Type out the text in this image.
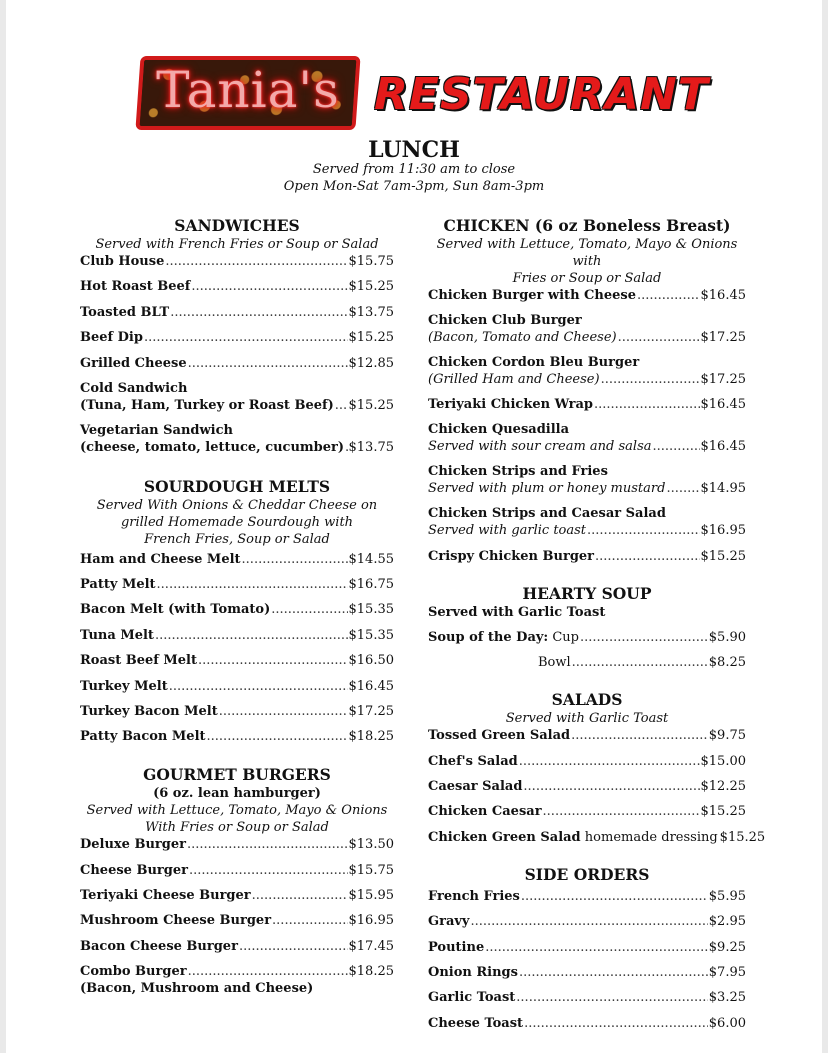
Tania's RESTAURANT
LUNCH
Served from 11:30 am to close
Open Mon-Sat 7am-3pm, Sun 8am-3pm
SANDWICHES
Served with French Fries or Soup or Salad
Club House .....	$15.75
Hot Roast Beef .....	$15.25
Toasted BLT .....	$13.75
Beef Dip .....	$15.25
Grilled Cheese .....	$12.85
Cold Sandwich
(Tuna, Ham, Turkey or Roast Beef) ..... $15.25
Vegetarian Sandwich
(cheese, tomato, lettuce, cucumber) ..... $13.75
SOURDOUGH MELTS
Served With Onions & Cheddar Cheese on
grilled Homemade Sourdough with
French Fries, Soup or Salad
Ham and Cheese Melt .....	$14.55
Patty Melt .....	$16.75
Bacon Melt (with Tomato) .....	$15.35
Tuna Melt .....	$15.35
Roast Beef Melt .....	$16.50
Turkey Melt .....	$16.45
Turkey Bacon Melt .....	$17.25
Patty Bacon Melt .....	$18.25
GOURMET BURGERS
(6 oz. lean hamburger)
Served with Lettuce, Tomato, Mayo & Onions
With Fries or Soup or Salad
Deluxe Burger .....	$13.50
Cheese Burger .....	$15.75
Teriyaki Cheese Burger .....	$15.95
Mushroom Cheese Burger .....	$16.95
Bacon Cheese Burger .....	$17.45
Combo Burger .....	$18.25
(Bacon, Mushroom and Cheese)
CHICKEN (6 oz Boneless Breast)
Served with Lettuce, Tomato, Mayo & Onions with
Fries or Soup or Salad
Chicken Burger with Cheese .....	$16.45
Chicken Club Burger
(Bacon, Tomato and Cheese) .....	$17.25
Chicken Cordon Bleu Burger
(Grilled Ham and Cheese) .....	$17.25
Teriyaki Chicken Wrap .....	$16.45
Chicken Quesadilla
Served with sour cream and salsa .....	$16.45
Chicken Strips and Fries
Served with plum or honey mustard .....	$14.95
Chicken Strips and Caesar Salad
Served with garlic toast .....	$16.95
Crispy Chicken Burger .....	$15.25
HEARTY SOUP
Served with Garlic Toast
Soup of the Day:
Cup .....	$5.90
Bowl .....	$8.25
SALADS
Served with Garlic Toast
Tossed Green Salad .....	$9.75
Chef's Salad .....	$15.00
Caesar Salad .....	$12.25
Chicken Caesar .....	$15.25
Chicken Green Salad
homemade dressing $15.25
SIDE ORDERS
French Fries .....	$5.95
Gravy .....	$2.95
Poutine .....	$9.25
Onion Rings .....	$7.95
Garlic Toast .....	$3.25
Cheese Toast .....	$6.00
